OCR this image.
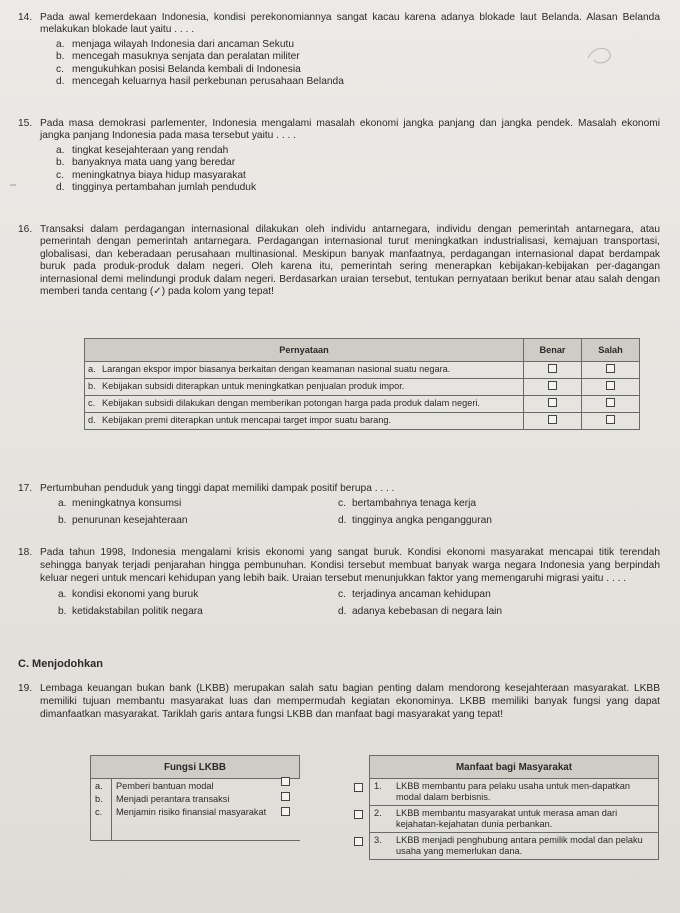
14. Pada awal kemerdekaan Indonesia, kondisi perekonomiannya sangat kacau karena adanya blokade laut Belanda. Alasan Belanda melakukan blokade laut yaitu . . . .
a. menjaga wilayah Indonesia dari ancaman Sekutu
b. mencegah masuknya senjata dan peralatan militer
c. mengukuhkan posisi Belanda kembali di Indonesia
d. mencegah keluarnya hasil perkebunan perusahaan Belanda
15. Pada masa demokrasi parlementer, Indonesia mengalami masalah ekonomi jangka panjang dan jangka pendek. Masalah ekonomi jangka panjang Indonesia pada masa tersebut yaitu . . . .
a. tingkat kesejahteraan yang rendah
b. banyaknya mata uang yang beredar
c. meningkatnya biaya hidup masyarakat
d. tingginya pertambahan jumlah penduduk
16. Transaksi dalam perdagangan internasional dilakukan oleh individu antarnegara, individu dengan pemerintah antarnegara, atau pemerintah dengan pemerintah antarnegara. Perdagangan internasional turut meningkatkan industrialisasi, kemajuan transportasi, globalisasi, dan keberadaan perusahaan multinasional. Meskipun banyak manfaatnya, perdagangan internasional dapat berdampak buruk pada produk-produk dalam negeri. Oleh karena itu, pemerintah sering menerapkan kebijakan-kebijakan per-dagangan internasional demi melindungi produk dalam negeri. Berdasarkan uraian tersebut, tentukan pernyataan berikut benar atau salah dengan memberi tanda centang (✓) pada kolom yang tepat!
Pernyataan	Benar	Salah

a. Larangan ekspor impor biasanya berkaitan dengan keamanan nasional suatu negara.		

b. Kebijakan subsidi diterapkan untuk meningkatkan penjualan produk impor.		

c. Kebijakan subsidi dilakukan dengan memberikan potongan harga pada produk dalam negeri.		

d. Kebijakan premi diterapkan untuk mencapai target impor suatu barang.		

17. Pertumbuhan penduduk yang tinggi dapat memiliki dampak positif berupa . . . .
a. meningkatnya konsumsi	c. bertambahnya tenaga kerja
b. penurunan kesejahteraan	d. tingginya angka pengangguran
18. Pada tahun 1998, Indonesia mengalami krisis ekonomi yang sangat buruk. Kondisi ekonomi masyarakat mencapai titik terendah sehingga banyak terjadi penjarahan hingga pembunuhan. Kondisi tersebut membuat banyak warga negara Indonesia yang berpindah keluar negeri untuk mencari kehidupan yang lebih baik. Uraian tersebut menunjukkan faktor yang memengaruhi migrasi yaitu . . . .
a. kondisi ekonomi yang buruk	c. terjadinya ancaman kehidupan
b. ketidakstabilan politik negara	d. adanya kebebasan di negara lain
C. Menjodohkan
19. Lembaga keuangan bukan bank (LKBB) merupakan salah satu bagian penting dalam mendorong kesejahteraan masyarakat. LKBB memiliki tujuan membantu masyarakat luas dan mempermudah kegiatan ekonominya. LKBB memiliki banyak fungsi yang dapat dimanfaatkan masyarakat. Tariklah garis antara fungsi LKBB dan manfaat bagi masyarakat yang tepat!
Fungsi LKBB	
a.	Pemberi bantuan modal
b.	Menjadi perantara transaksi
c.	Menjamin risiko finansial masyarakat
	Manfaat bagi Masyarakat	
	1.	LKBB membantu para pelaku usaha untuk men-dapatkan modal dalam berbisnis.
	2.	LKBB membantu masyarakat untuk merasa aman dari kejahatan-kejahatan dunia perbankan.
	3.	LKBB menjadi penghubung antara pemilik modal dan pelaku usaha yang memerlukan dana.
